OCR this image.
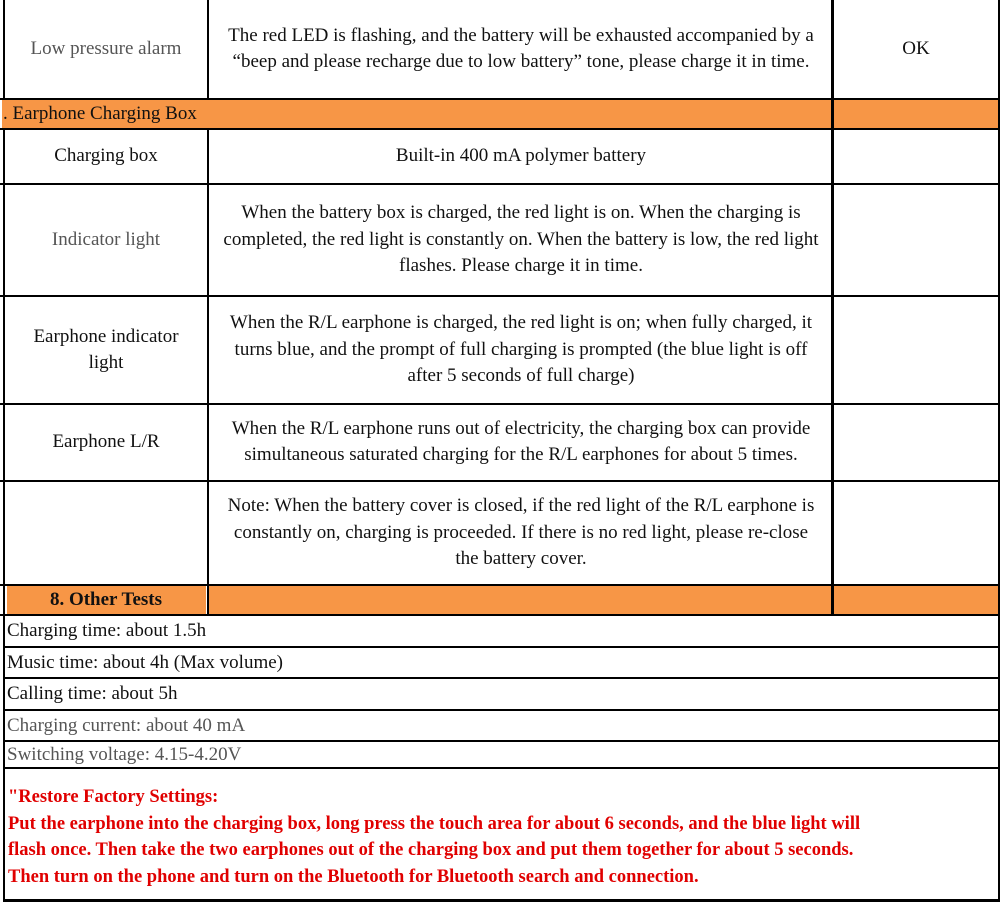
Low pressure alarm
The red LED is flashing, and the battery will be exhausted accompanied by a “beep and please recharge due to low battery” tone, please charge it in time.
OK
. Earphone Charging Box
Charging box	Built-in 400 mA polymer battery
Indicator light
When the battery box is charged, the red light is on. When the charging is completed, the red light is constantly on. When the battery is low, the red light flashes. Please charge it in time.
Earphone indicator light
When the R/L earphone is charged, the red light is on; when fully charged, it turns blue, and the prompt of full charging is prompted (the blue light is off after 5 seconds of full charge)
Earphone L/R
When the R/L earphone runs out of electricity, the charging box can provide simultaneous saturated charging for the R/L earphones for about 5 times.
Note: When the battery cover is closed, if the red light of the R/L earphone is constantly on, charging is proceeded. If there is no red light, please re-close the battery cover.
8. Other Tests
Charging time: about 1.5h
Music time: about 4h (Max volume)
Calling time: about 5h
Charging current: about 40 mA
Switching voltage: 4.15-4.20V
"Restore Factory Settings:
Put the earphone into the charging box, long press the touch area for about 6 seconds, and the blue light will
flash once. Then take the two earphones out of the charging box and put them together for about 5 seconds.
Then turn on the phone and turn on the Bluetooth for Bluetooth search and connection.
